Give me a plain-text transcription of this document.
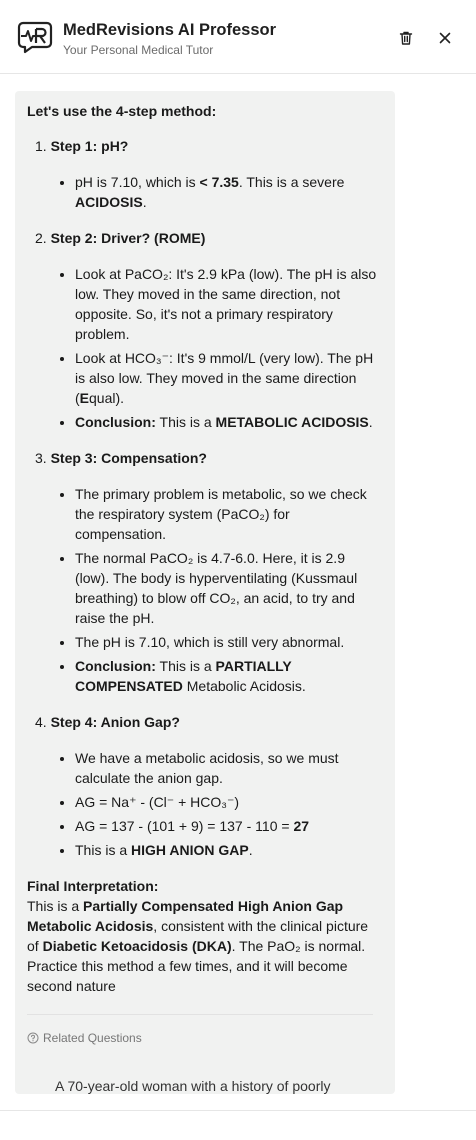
MedRevisions AI Professor
Your Personal Medical Tutor

Let's use the 4-step method:

1. Step 1: pH?

• pH is 7.10, which is < 7.35. This is a severe ACIDOSIS.

2. Step 2: Driver? (ROME)

• Look at PaCO₂: It's 2.9 kPa (low). The pH is also low. They moved in the same direction, not opposite. So, it's not a primary respiratory problem.
• Look at HCO₃⁻: It's 9 mmol/L (very low). The pH is also low. They moved in the same direction (Equal).
• Conclusion: This is a METABOLIC ACIDOSIS.

3. Step 3: Compensation?

• The primary problem is metabolic, so we check the respiratory system (PaCO₂) for compensation.
• The normal PaCO₂ is 4.7-6.0. Here, it is 2.9 (low). The body is hyperventilating (Kussmaul breathing) to blow off CO₂, an acid, to try and raise the pH.
• The pH is 7.10, which is still very abnormal.
• Conclusion: This is a PARTIALLY COMPENSATED Metabolic Acidosis.

4. Step 4: Anion Gap?

• We have a metabolic acidosis, so we must calculate the anion gap.
• AG = Na⁺ - (Cl⁻ + HCO₃⁻)
• AG = 137 - (101 + 9) = 137 - 110 = 27
• This is a HIGH ANION GAP.

Final Interpretation:

This is a Partially Compensated High Anion Gap Metabolic Acidosis, consistent with the clinical picture of Diabetic Ketoacidosis (DKA). The PaO₂ is normal.

Practice this method a few times, and it will become second nature

Related Questions
A 70-year-old woman with a history of poorly
